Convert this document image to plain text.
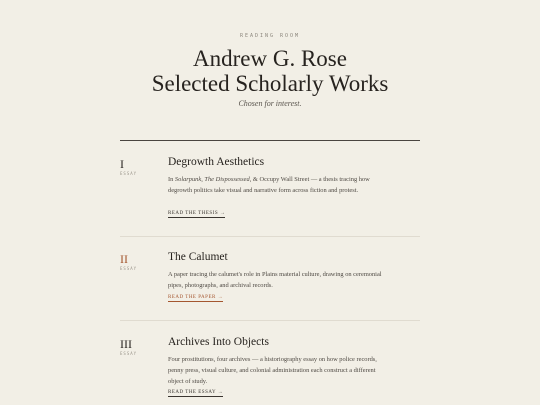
READING ROOM
Andrew G. Rose
Selected Scholarly Works
Chosen for interest.
I
ESSAY
Degrowth Aesthetics

In Solarpunk, The Dispossessed, & Occupy Wall Street — a thesis tracing how degrowth politics take visual and narrative form across fiction and protest.

READ THE THESIS →
II
ESSAY
The Calumet

A paper tracing the calumet's role in Plains material culture, drawing on ceremonial pipes, photographs, and archival records.

READ THE PAPER →
III
ESSAY
Archives Into Objects

Four prostitutions, four archives — a historiography essay on how police records, penny press, visual culture, and colonial administration each construct a different object of study.

READ THE ESSAY →
